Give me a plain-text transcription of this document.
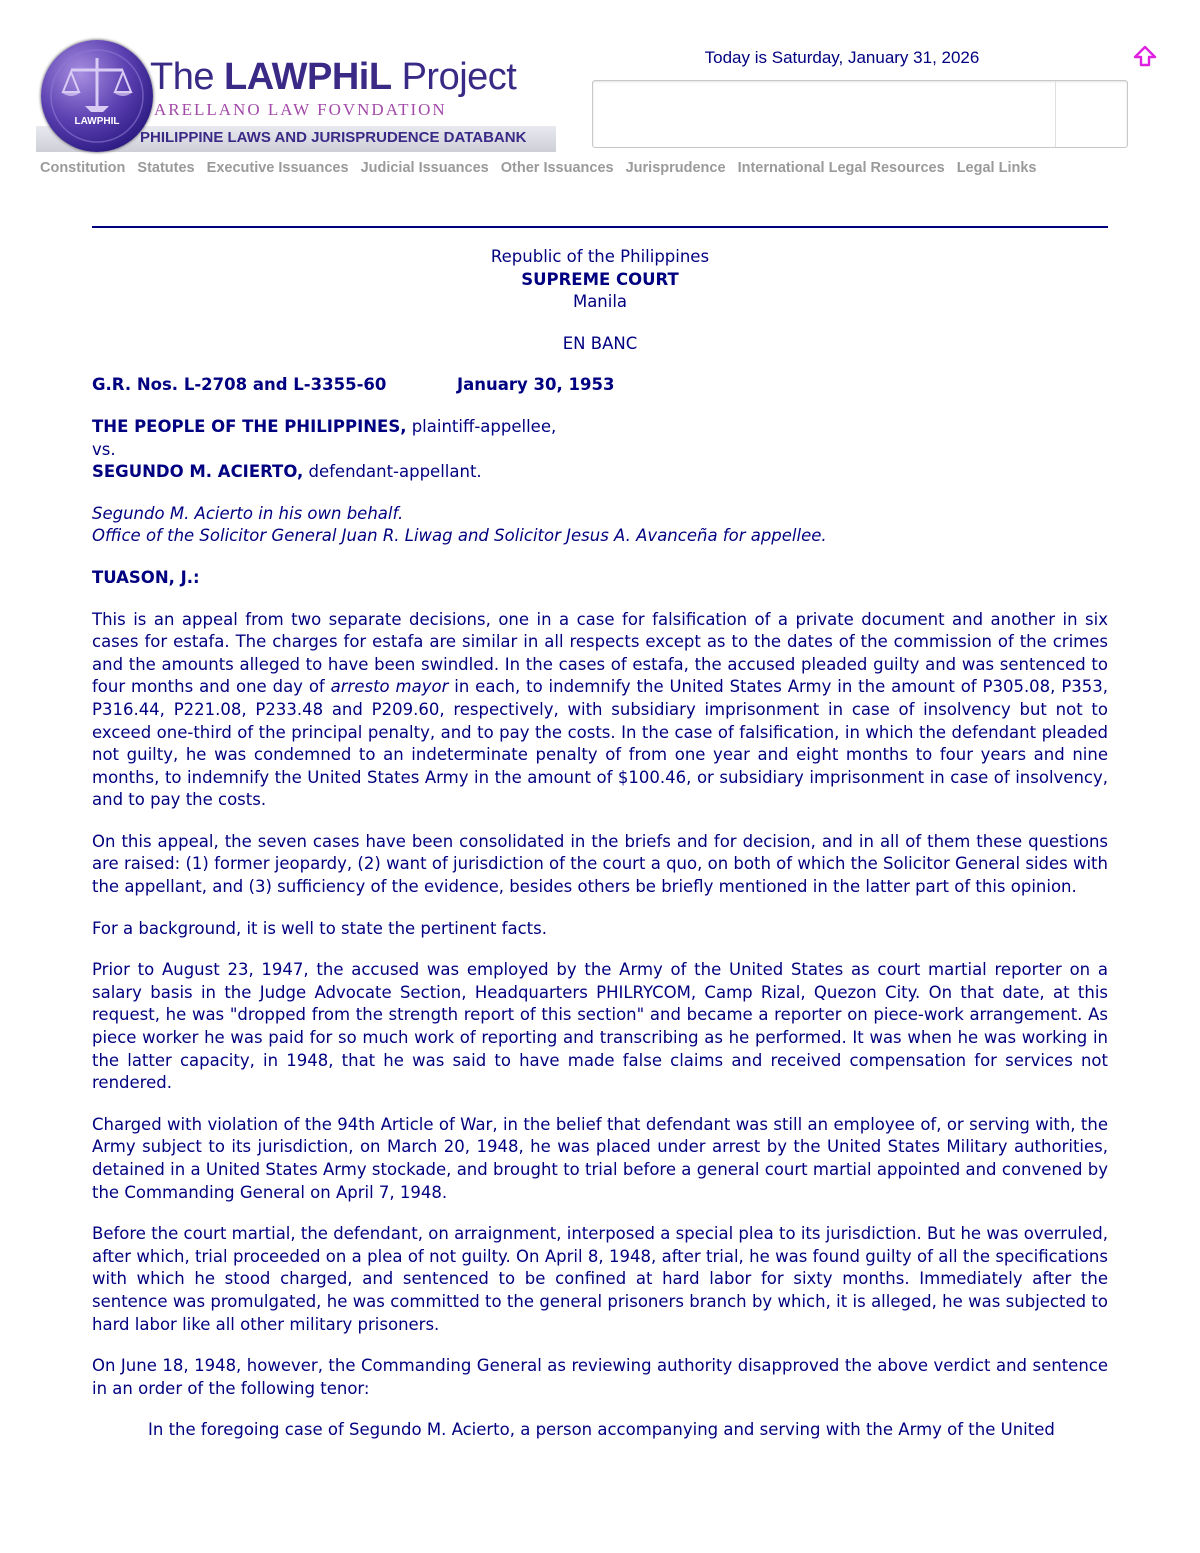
LAWPHIL
The LAWPHiL Project
ARELLANO LAW FOVNDATION
PHILIPPINE LAWS AND JURISPRUDENCE DATABANK
Today is Saturday, January 31, 2026
Constitution Statutes Executive Issuances Judicial Issuances Other Issuances Jurisprudence International Legal Resources Legal Links

Republic of the Philippines
SUPREME COURT
Manila

EN BANC

G.R. Nos. L-2708 and L-3355-60	January 30, 1953

THE PEOPLE OF THE PHILIPPINES, plaintiff-appellee,
vs.
SEGUNDO M. ACIERTO, defendant-appellant.

Segundo M. Acierto in his own behalf.
Office of the Solicitor General Juan R. Liwag and Solicitor Jesus A. Avanceña for appellee.

TUASON, J.:

This is an appeal from two separate decisions, one in a case for falsification of a private document and another in six cases for estafa. The charges for estafa are similar in all respects except as to the dates of the commission of the crimes and the amounts alleged to have been swindled. In the cases of estafa, the accused pleaded guilty and was sentenced to four months and one day of arresto mayor in each, to indemnify the United States Army in the amount of P305.08, P353, P316.44, P221.08, P233.48 and P209.60, respectively, with subsidiary imprisonment in case of insolvency but not to exceed one-third of the principal penalty, and to pay the costs. In the case of falsification, in which the defendant pleaded not guilty, he was condemned to an indeterminate penalty of from one year and eight months to four years and nine months, to indemnify the United States Army in the amount of $100.46, or subsidiary imprisonment in case of insolvency, and to pay the costs.

On this appeal, the seven cases have been consolidated in the briefs and for decision, and in all of them these questions are raised: (1) former jeopardy, (2) want of jurisdiction of the court a quo, on both of which the Solicitor General sides with the appellant, and (3) sufficiency of the evidence, besides others be briefly mentioned in the latter part of this opinion.

For a background, it is well to state the pertinent facts.

Prior to August 23, 1947, the accused was employed by the Army of the United States as court martial reporter on a salary basis in the Judge Advocate Section, Headquarters PHILRYCOM, Camp Rizal, Quezon City. On that date, at this request, he was "dropped from the strength report of this section" and became a reporter on piece-work arrangement. As piece worker he was paid for so much work of reporting and transcribing as he performed. It was when he was working in the latter capacity, in 1948, that he was said to have made false claims and received compensation for services not rendered.

Charged with violation of the 94th Article of War, in the belief that defendant was still an employee of, or serving with, the Army subject to its jurisdiction, on March 20, 1948, he was placed under arrest by the United States Military authorities, detained in a United States Army stockade, and brought to trial before a general court martial appointed and convened by the Commanding General on April 7, 1948.

Before the court martial, the defendant, on arraignment, interposed a special plea to its jurisdiction. But he was overruled, after which, trial proceeded on a plea of not guilty. On April 8, 1948, after trial, he was found guilty of all the specifications with which he stood charged, and sentenced to be confined at hard labor for sixty months. Immediately after the sentence was promulgated, he was committed to the general prisoners branch by which, it is alleged, he was subjected to hard labor like all other military prisoners.

On June 18, 1948, however, the Commanding General as reviewing authority disapproved the above verdict and sentence in an order of the following tenor:

In the foregoing case of Segundo M. Acierto, a person accompanying and serving with the Army of the United
